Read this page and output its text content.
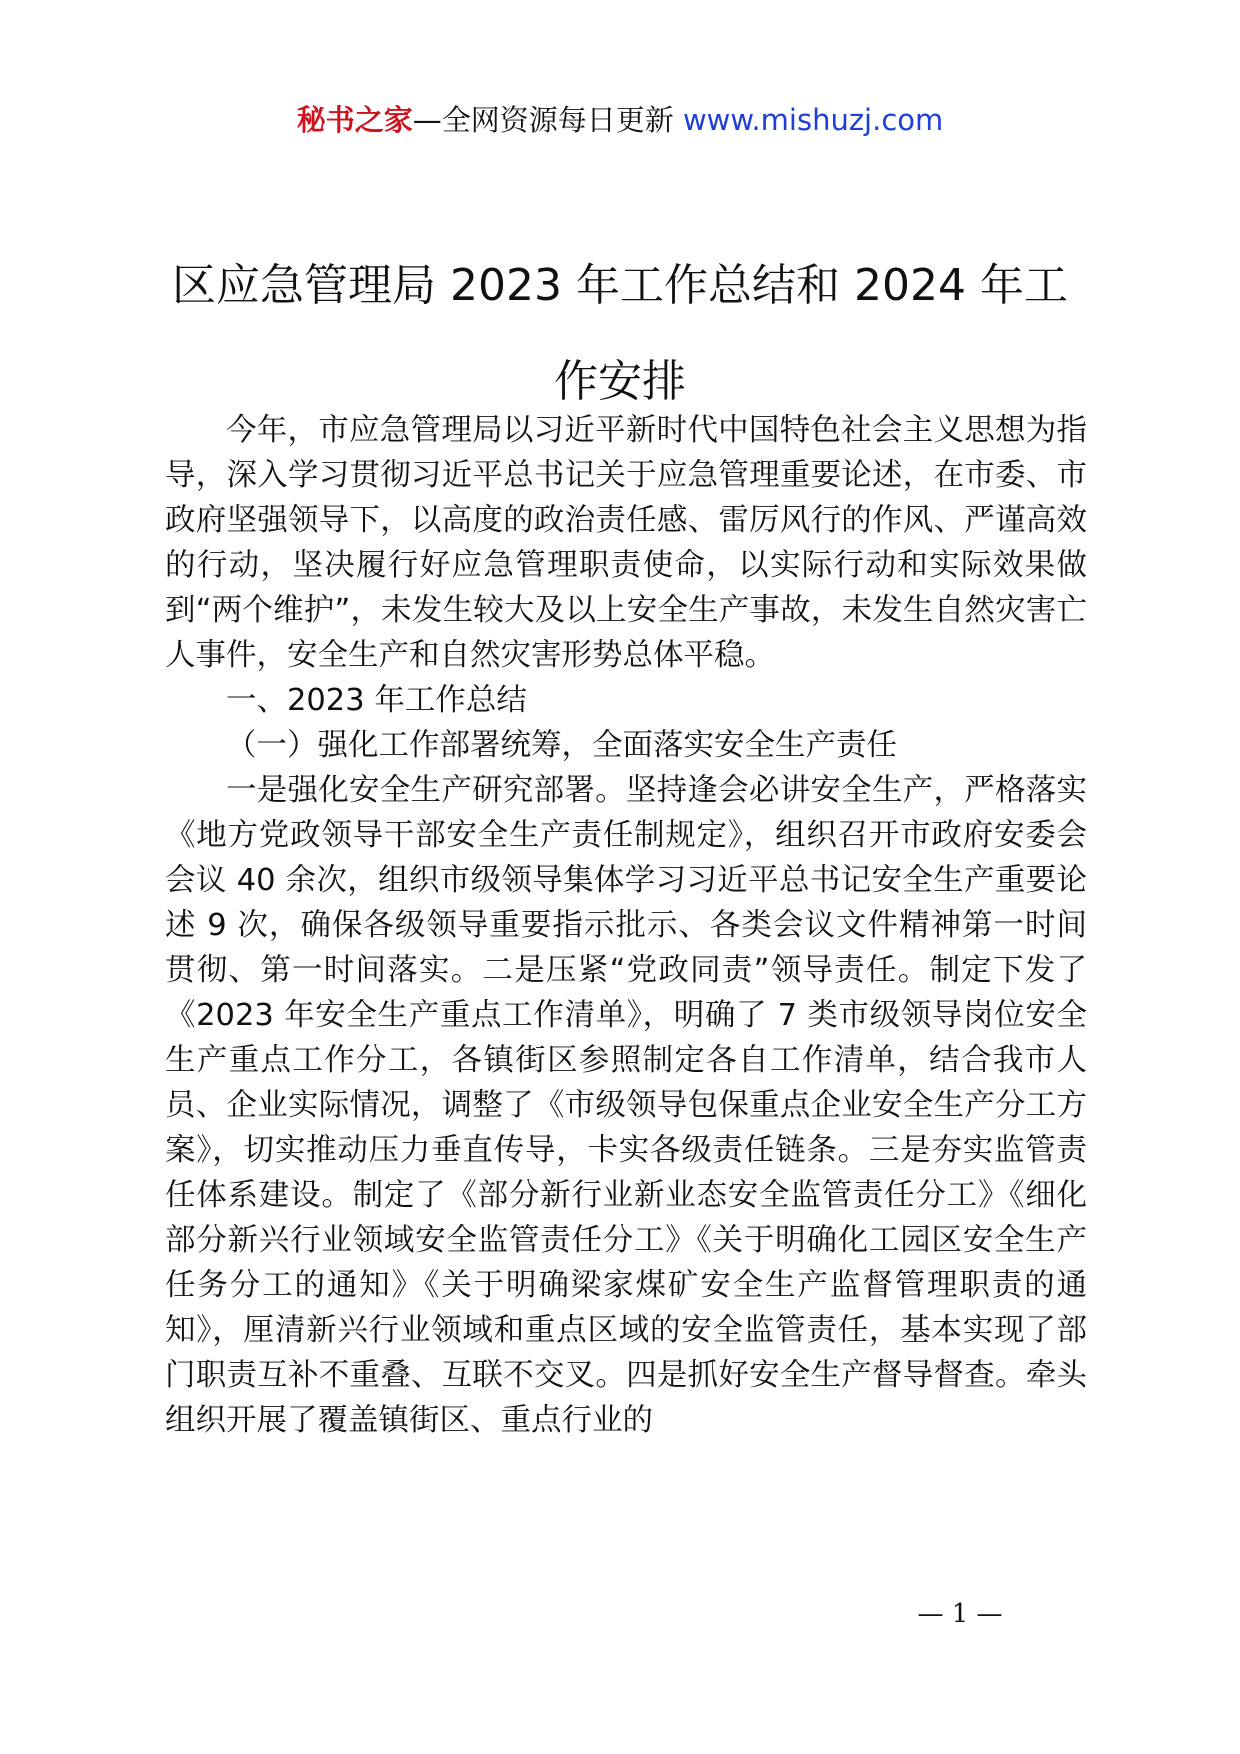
秘书之家—全网资源每日更新 www.mishuzj.com
区应急管理局 2023 年工作总结和 2024 年工作安排

今年，市应急管理局以习近平新时代中国特色社会主义思想为指导，深入学习贯彻习近平总书记关于应急管理重要论述，在市委、市政府坚强领导下，以高度的政治责任感、雷厉风行的作风、严谨高效的行动，坚决履行好应急管理职责使命，以实际行动和实际效果做到“两个维护”，未发生较大及以上安全生产事故，未发生自然灾害亡人事件，安全生产和自然灾害形势总体平稳。

一、2023 年工作总结

（一）强化工作部署统筹，全面落实安全生产责任

一是强化安全生产研究部署。坚持逢会必讲安全生产，严格落实《地方党政领导干部安全生产责任制规定》，组织召开市政府安委会会议 40 余次，组织市级领导集体学习习近平总书记安全生产重要论述 9 次，确保各级领导重要指示批示、各类会议文件精神第一时间贯彻、第一时间落实。二是压紧“党政同责”领导责任。制定下发了《2023 年安全生产重点工作清单》，明确了 7 类市级领导岗位安全生产重点工作分工，各镇街区参照制定各自工作清单，结合我市人员、企业实际情况，调整了《市级领导包保重点企业安全生产分工方案》，切实推动压力垂直传导，卡实各级责任链条。三是夯实监管责任体系建设。制定了《部分新行业新业态安全监管责任分工》《细化部分新兴行业领域安全监管责任分工》《关于明确化工园区安全生产任务分工的通知》《关于明确梁家煤矿安全生产监督管理职责的通知》，厘清新兴行业领域和重点区域的安全监管责任，基本实现了部门职责互补不重叠、互联不交叉。四是抓好安全生产督导督查。牵头组织开展了覆盖镇街区、重点行业的

— 1 —
